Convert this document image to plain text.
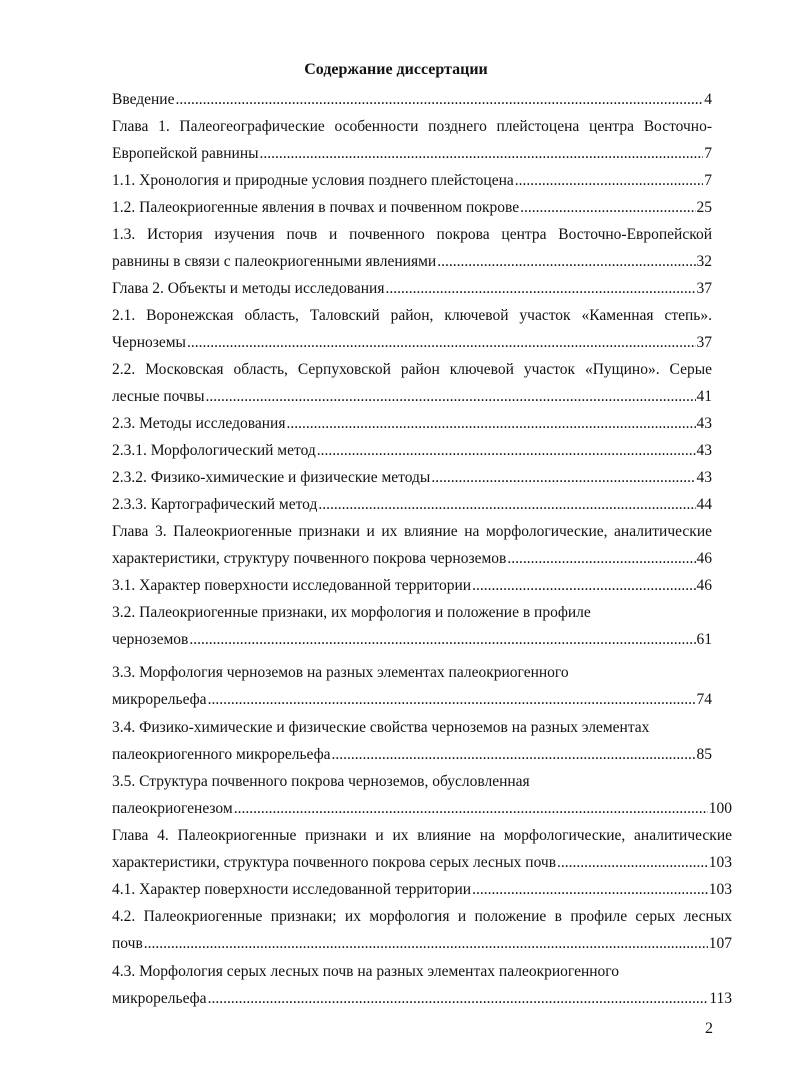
Содержание диссертации
Введение .....	4
Глава 1. Палеогеографические особенности позднего плейстоцена центра Восточно-
Европейской равнины .....	7
1.1. Хронология и природные условия позднего плейстоцена .....	7
1.2. Палеокриогенные явления в почвах и почвенном покрове .....	25
1.3. История изучения почв и почвенного покрова центра Восточно-Европейской
равнины в связи с палеокриогенными явлениями .....	32
Глава 2. Объекты и методы исследования .....	37
2.1. Воронежская область, Таловский район, ключевой участок «Каменная степь».
Черноземы .....	37
2.2. Московская область, Серпуховской район ключевой участок «Пущино». Серые
лесные почвы .....	41
2.3. Методы исследования .....	43
2.3.1. Морфологический метод .....	43
2.3.2. Физико-химические и физические методы .....	43
2.3.3. Картографический метод .....	44
Глава 3. Палеокриогенные признаки и их влияние на морфологические, аналитические
характеристики, структуру почвенного покрова черноземов .....	46
3.1. Характер поверхности исследованной территории .....	46
3.2. Палеокриогенные признаки, их морфология и положение в профиле
черноземов .....	61
3.3. Морфология черноземов на разных элементах палеокриогенного
микрорельефа .....	74
3.4. Физико-химические и физические свойства черноземов на разных элементах
палеокриогенного микрорельефа .....	85
3.5. Структура почвенного покрова черноземов, обусловленная
палеокриогенезом .....	100
Глава 4. Палеокриогенные признаки и их влияние на морфологические, аналитические
характеристики, структура почвенного покрова серых лесных почв .....	103
4.1. Характер поверхности исследованной территории .....	103
4.2. Палеокриогенные признаки; их морфология и положение в профиле серых лесных
почв .....	107
4.3. Морфология серых лесных почв на разных элементах палеокриогенного
микрорельефа .....	113
2
